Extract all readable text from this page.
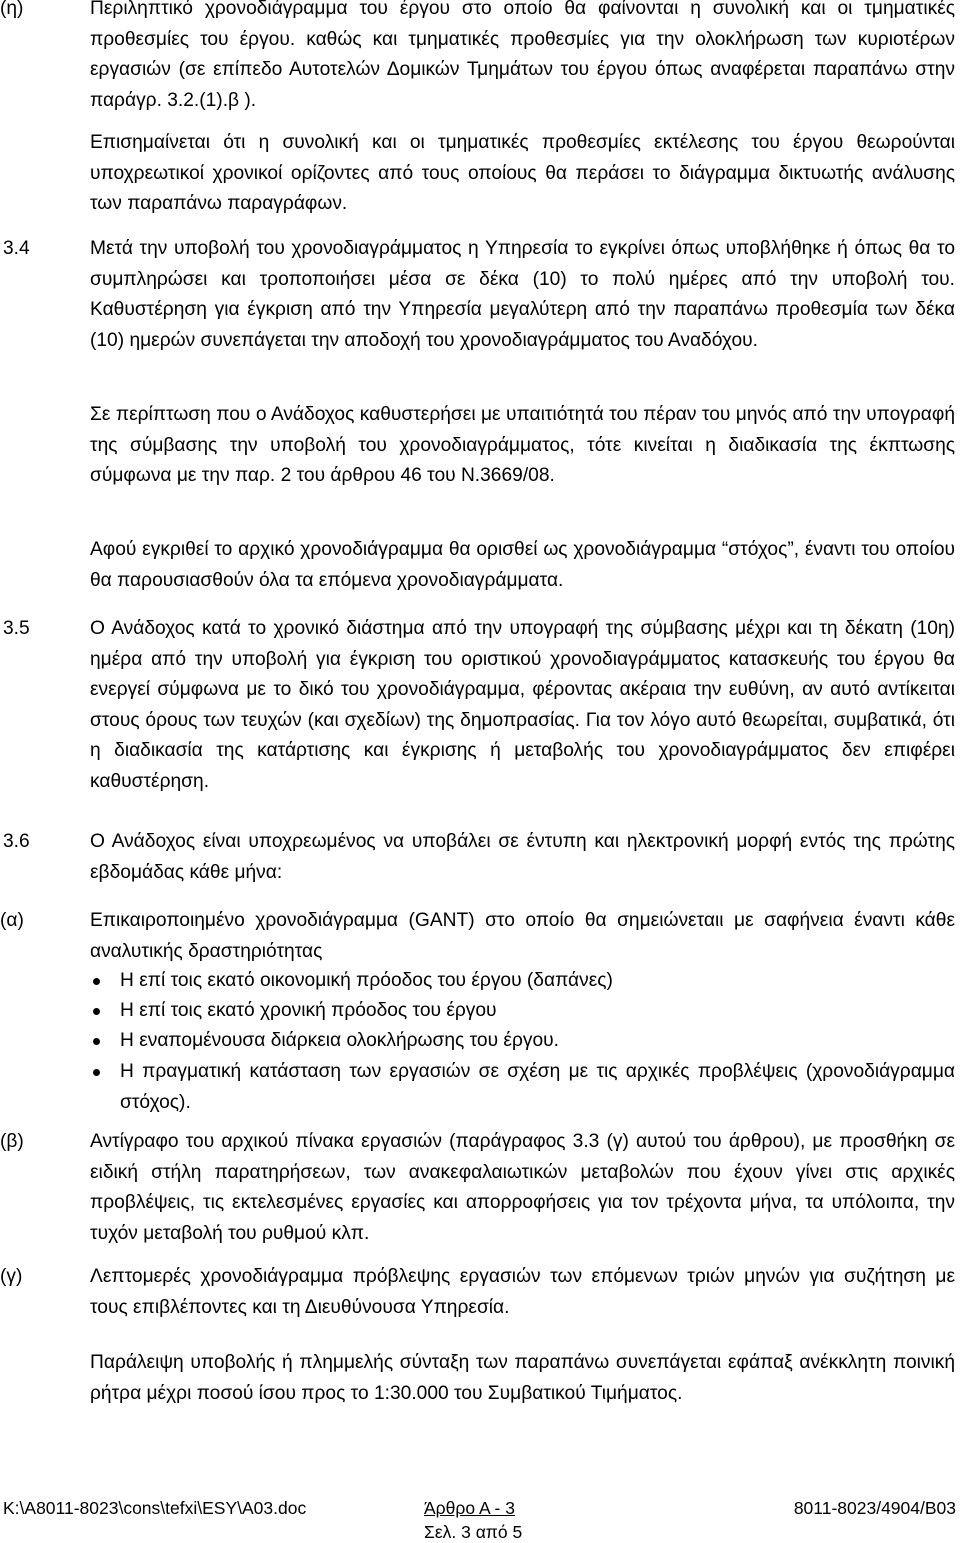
(η)	Περιληπτικό χρονοδιάγραμμα του έργου στο οποίο θα φαίνονται η συνολική και οι τμηματικές προθεσμίες του έργου. καθώς και τμηματικές προθεσμίες για την ολοκλήρωση των κυριοτέρων εργασιών (σε επίπεδο Αυτοτελών Δομικών Τμημάτων του έργου όπως αναφέρεται παραπάνω στην παράγρ. 3.2.(1).β ).
Επισημαίνεται ότι η συνολική και οι τμηματικές προθεσμίες εκτέλεσης του έργου θεωρούνται υποχρεωτικοί χρονικοί ορίζοντες από τους οποίους θα περάσει το διάγραμμα δικτυωτής ανάλυσης των παραπάνω παραγράφων.
3.4	Μετά την υποβολή του χρονοδιαγράμματος η Υπηρεσία το εγκρίνει όπως υποβλήθηκε ή όπως θα το συμπληρώσει και τροποποιήσει μέσα σε δέκα (10) το πολύ ημέρες από την υποβολή του. Καθυστέρηση για έγκριση από την Υπηρεσία μεγαλύτερη από την παραπάνω προθεσμία των δέκα (10) ημερών συνεπάγεται την αποδοχή του χρονοδιαγράμματος του Αναδόχου.
Σε περίπτωση που ο Ανάδοχος καθυστερήσει με υπαιτιότητά του πέραν του μηνός από την υπογραφή της σύμβασης την υποβολή του χρονοδιαγράμματος, τότε κινείται η διαδικασία της έκπτωσης σύμφωνα με την παρ. 2 του άρθρου 46 του Ν.3669/08.
Αφού εγκριθεί το αρχικό χρονοδιάγραμμα θα ορισθεί ως χρονοδιάγραμμα “στόχος”, έναντι του οποίου θα παρουσιασθούν όλα τα επόμενα χρονοδιαγράμματα.
3.5	Ο Ανάδοχος κατά το χρονικό διάστημα από την υπογραφή της σύμβασης μέχρι και τη δέκατη (10η) ημέρα από την υποβολή για έγκριση του οριστικού χρονοδιαγράμματος κατασκευής του έργου θα ενεργεί σύμφωνα με το δικό του χρονοδιάγραμμα, φέροντας ακέραια την ευθύνη, αν αυτό αντίκειται στους όρους των τευχών (και σχεδίων) της δημοπρασίας. Για τον λόγο αυτό θεωρείται, συμβατικά, ότι η διαδικασία της κατάρτισης και έγκρισης ή μεταβολής του χρονοδιαγράμματος δεν επιφέρει καθυστέρηση.
3.6	Ο Ανάδοχος είναι υποχρεωμένος να υποβάλει σε έντυπη και ηλεκτρονική μορφή εντός της πρώτης εβδομάδας κάθε μήνα:
(α)	Επικαιροποιημένο χρονοδιάγραμμα (GANT) στο οποίο θα σημειώνεταιι με σαφήνεια έναντι κάθε αναλυτικής δραστηριότητας
Η επί τοις εκατό οικονομική πρόοδος του έργου (δαπάνες)
Η επί τοις εκατό χρονική πρόοδος του έργου
Η εναπομένουσα διάρκεια ολοκλήρωσης του έργου.
Η πραγματική κατάσταση των εργασιών σε σχέση με τις αρχικές προβλέψεις (χρονοδιάγραμμα στόχος).
(β)	Αντίγραφο του αρχικού πίνακα εργασιών (παράγραφος 3.3 (γ) αυτού του άρθρου), με προσθήκη σε ειδική στήλη παρατηρήσεων, των ανακεφαλαιωτικών μεταβολών που έχουν γίνει στις αρχικές προβλέψεις, τις εκτελεσμένες εργασίες και απορροφήσεις για τον τρέχοντα μήνα, τα υπόλοιπα, την τυχόν μεταβολή του ρυθμού κλπ.
(γ)	Λεπτομερές χρονοδιάγραμμα πρόβλεψης εργασιών των επόμενων τριών μηνών για συζήτηση με τους επιβλέποντες και τη Διευθύνουσα Υπηρεσία.
Παράλειψη υποβολής ή πλημμελής σύνταξη των παραπάνω συνεπάγεται εφάπαξ ανέκκλητη ποινική ρήτρα μέχρι ποσού ίσου προς το 1:30.000 του Συμβατικού Τιμήματος.
K:\A8011-8023\cons\tefxi\ESY\A03.doc	Άρθρο Α - 3	8011-8023/4904/B03
Σελ. 3 από 5
